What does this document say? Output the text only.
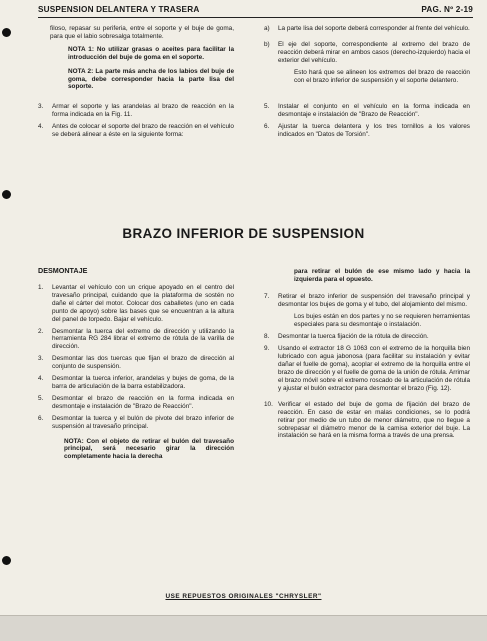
SUSPENSION DELANTERA Y TRASERA	PAG. Nº 2-19

filoso, repasar su periferia, entre el soporte y el buje de goma, para que el labio sobresalga totalmente.

NOTA 1: No utilizar grasas o aceites para facilitar la introducción del buje de goma en el soporte.

NOTA 2: La parte más ancha de los labios del buje de goma, debe corresponder hacia la parte lisa del soporte.

3. Armar el soporte y las arandelas al brazo de reacción en la forma indicada en la Fig. 11.
4. Antes de colocar el soporte del brazo de reacción en el vehículo se deberá alinear a éste en la siguiente forma:
a) La parte lisa del soporte deberá corresponder al frente del vehículo.
b) El eje del soporte, correspondiente al extremo del brazo de reacción deberá mirar en ambos casos (derecho-izquierdo) hacia el exterior del vehículo.

Esto hará que se alineen los extremos del brazo de reacción con el brazo inferior de suspensión y el soporte delantero.

5. Instalar el conjunto en el vehículo en la forma indicada en desmontaje e instalación de "Brazo de Reacción".
6. Ajustar la tuerca delantera y los tres tornillos a los valores indicados en "Datos de Torsión".
BRAZO INFERIOR DE SUSPENSION
DESMONTAJE
1. Levantar el vehículo con un crique apoyado en el centro del travesaño principal, cuidando que la plataforma de sostén no dañe el cárter del motor. Colocar dos caballetes (uno en cada punto de apoyo) sobre las bases que se encuentran a la altura del panel de torpedo. Bajar el vehículo.
2. Desmontar la tuerca del extremo de dirección y utilizando la herramienta RG 284 librar el extremo de rótula de la varilla de dirección.
3. Desmontar las dos tuercas que fijan el brazo de dirección al conjunto de suspensión.
4. Desmontar la tuerca inferior, arandelas y bujes de goma, de la barra de articulación de la barra estabilizadora.
5. Desmontar el brazo de reacción en la forma indicada en desmontaje e instalación de "Brazo de Reacción".
6. Desmontar la tuerca y el bulón de pivote del brazo inferior de suspensión al travesaño principal.

NOTA: Con el objeto de retirar el bulón del travesaño principal, será necesario girar la dirección completamente hacia la derecha

para retirar el bulón de ese mismo lado y hacia la izquierda para el opuesto.

7. Retirar el brazo inferior de suspensión del travesaño principal y desmontar los bujes de goma y el tubo, del alojamiento del mismo.

Los bujes están en dos partes y no se requieren herramientas especiales para su desmontaje o instalación.

8. Desmontar la tuerca fijación de la rótula de dirección.
9. Usando el extractor 18 G 1063 con el extremo de la horquilla bien lubricado con agua jabonosa (para facilitar su instalación y evitar dañar el fuelle de goma), acoplar el extremo de la horquilla entre el brazo de dirección y el fuelle de goma de la unión de rótula. Arrimar el brazo móvil sobre el extremo roscado de la articulación de rótula y ajustar el bulón extractor para desmontar el brazo (Fig. 12).
10. Verificar el estado del buje de goma de fijación del brazo de reacción. En caso de estar en malas condiciones, se lo podrá retirar por medio de un tubo de menor diámetro, que no llegue a sobrepasar el diámetro menor de la camisa exterior del buje. La instalación se hará en la misma forma a través de una prensa.
USE REPUESTOS ORIGINALES "CHRYSLER"
